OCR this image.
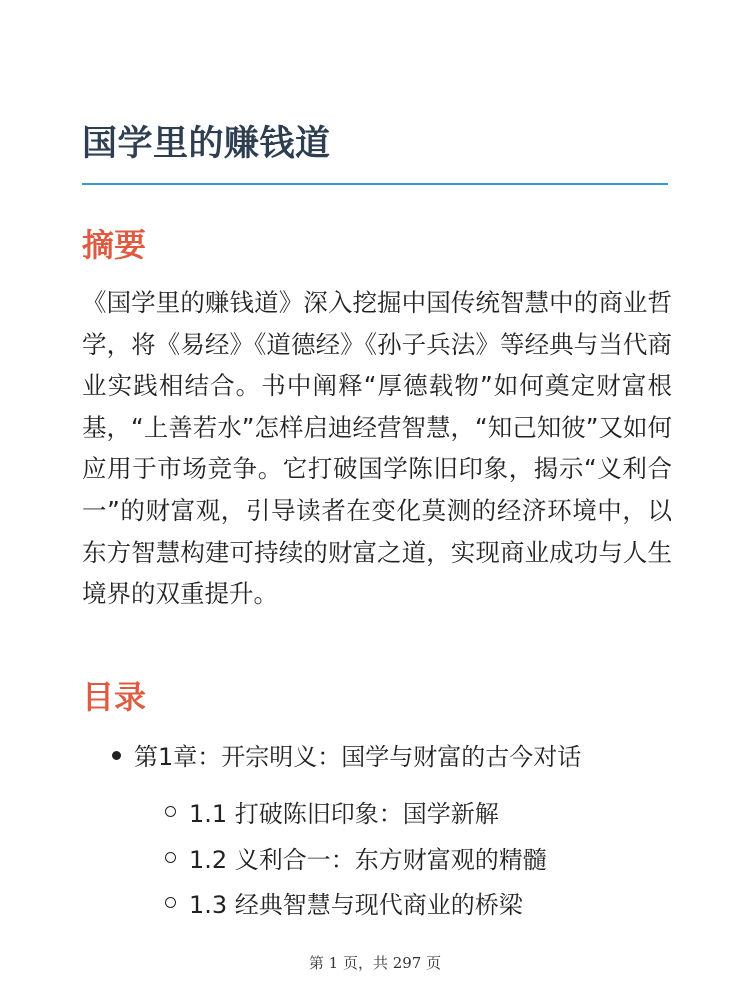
国学里的赚钱道
摘要

《国学里的赚钱道》深入挖掘中国传统智慧中的商业哲学，将《易经》《道德经》《孙子兵法》等经典与当代商业实践相结合。书中阐释“厚德载物”如何奠定财富根基，“上善若水”怎样启迪经营智慧，“知己知彼”又如何应用于市场竞争。它打破国学陈旧印象，揭示“义利合一”的财富观，引导读者在变化莫测的经济环境中，以东方智慧构建可持续的财富之道，实现商业成功与人生境界的双重提升。

目录
第1章：开宗明义：国学与财富的古今对话
1.1 打破陈旧印象：国学新解
1.2 义利合一：东方财富观的精髓
1.3 经典智慧与现代商业的桥梁
第 1 页，共 297 页
